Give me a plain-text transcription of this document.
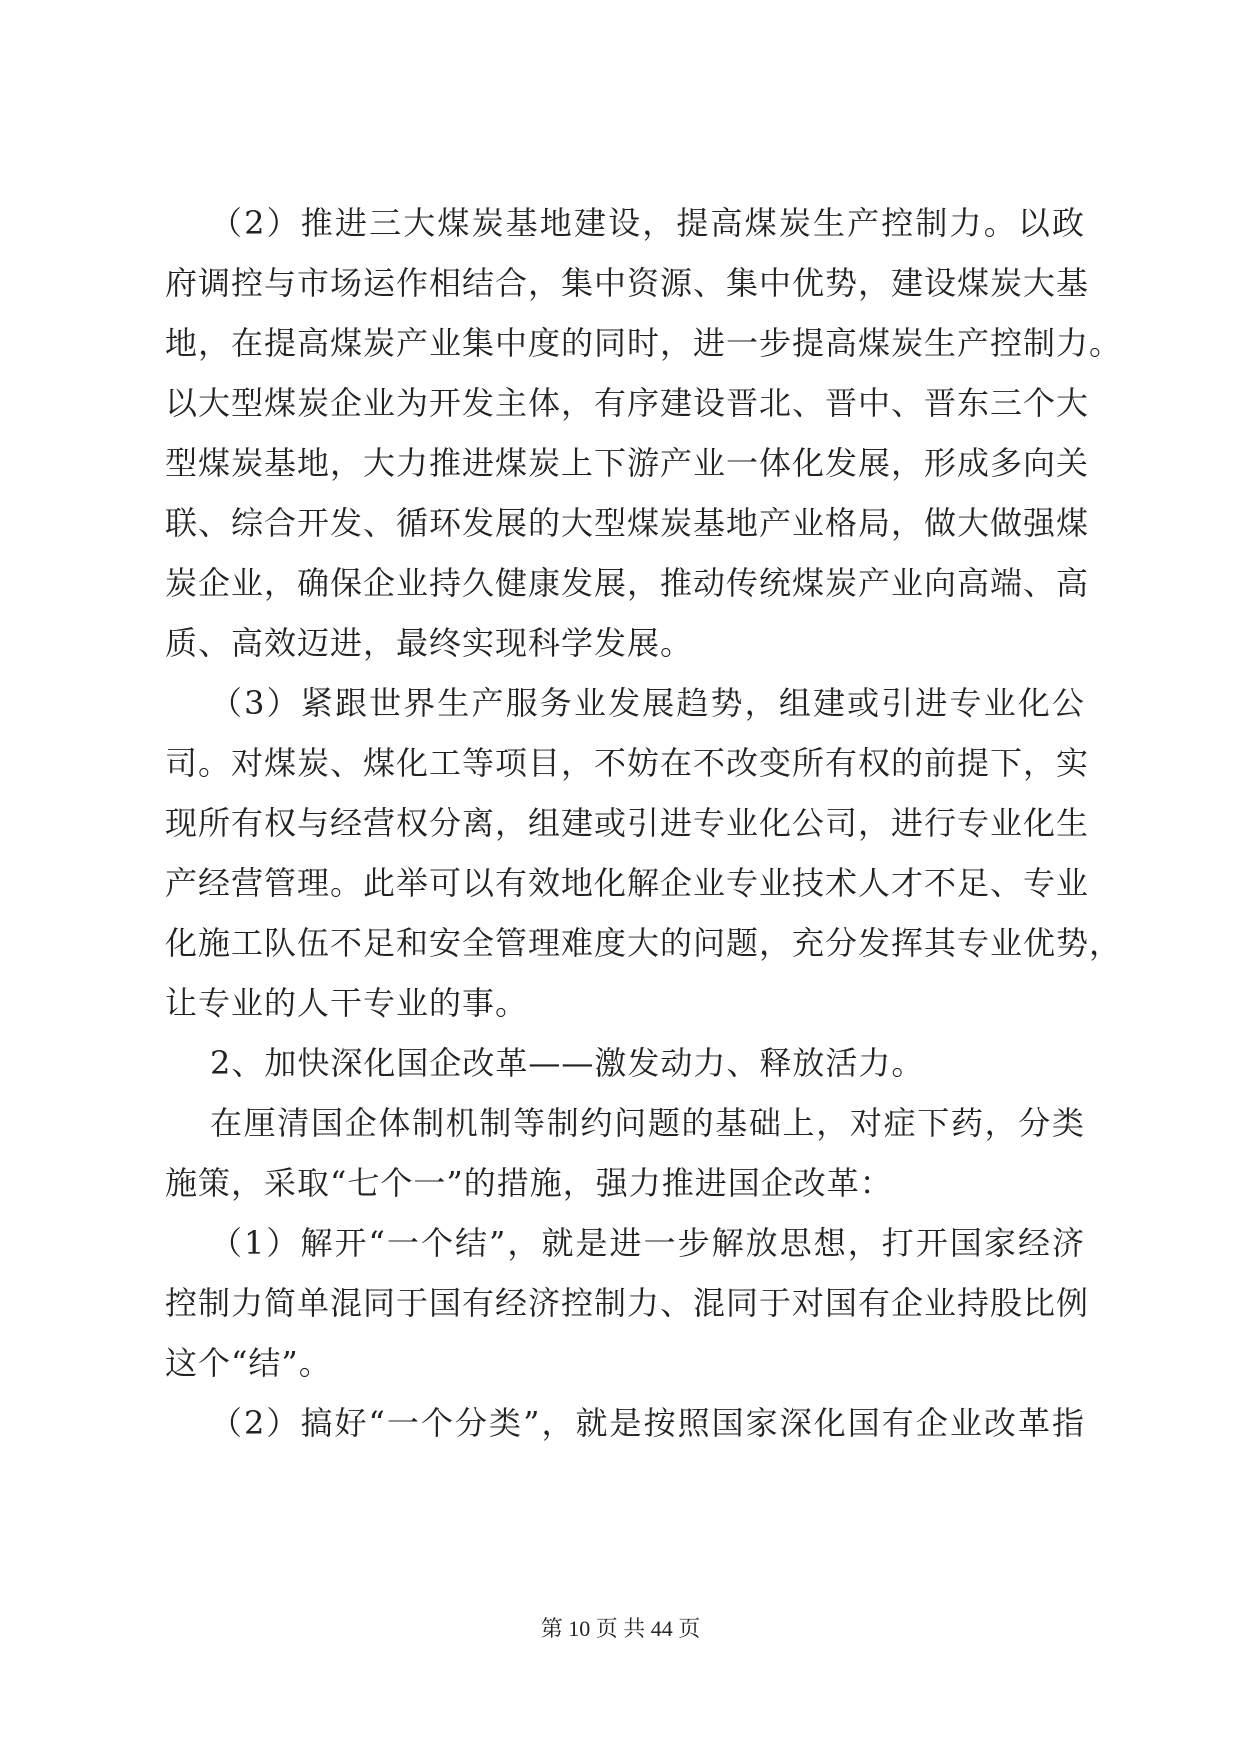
（2）推进三大煤炭基地建设，提高煤炭生产控制力。以政
府调控与市场运作相结合，集中资源、集中优势，建设煤炭大基
地，在提高煤炭产业集中度的同时，进一步提高煤炭生产控制力。
以大型煤炭企业为开发主体，有序建设晋北、晋中、晋东三个大
型煤炭基地，大力推进煤炭上下游产业一体化发展，形成多向关
联、综合开发、循环发展的大型煤炭基地产业格局，做大做强煤
炭企业，确保企业持久健康发展，推动传统煤炭产业向高端、高
质、高效迈进，最终实现科学发展。
（3）紧跟世界生产服务业发展趋势，组建或引进专业化公
司。对煤炭、煤化工等项目，不妨在不改变所有权的前提下，实
现所有权与经营权分离，组建或引进专业化公司，进行专业化生
产经营管理。此举可以有效地化解企业专业技术人才不足、专业
化施工队伍不足和安全管理难度大的问题，充分发挥其专业优势，
让专业的人干专业的事。
2、加快深化国企改革——激发动力、释放活力。
在厘清国企体制机制等制约问题的基础上，对症下药，分类
施策，采取“七个一”的措施，强力推进国企改革：
（1）解开“一个结”，就是进一步解放思想，打开国家经济
控制力简单混同于国有经济控制力、混同于对国有企业持股比例
这个“结”。
（2）搞好“一个分类”，就是按照国家深化国有企业改革指
第 10 页 共 44 页
